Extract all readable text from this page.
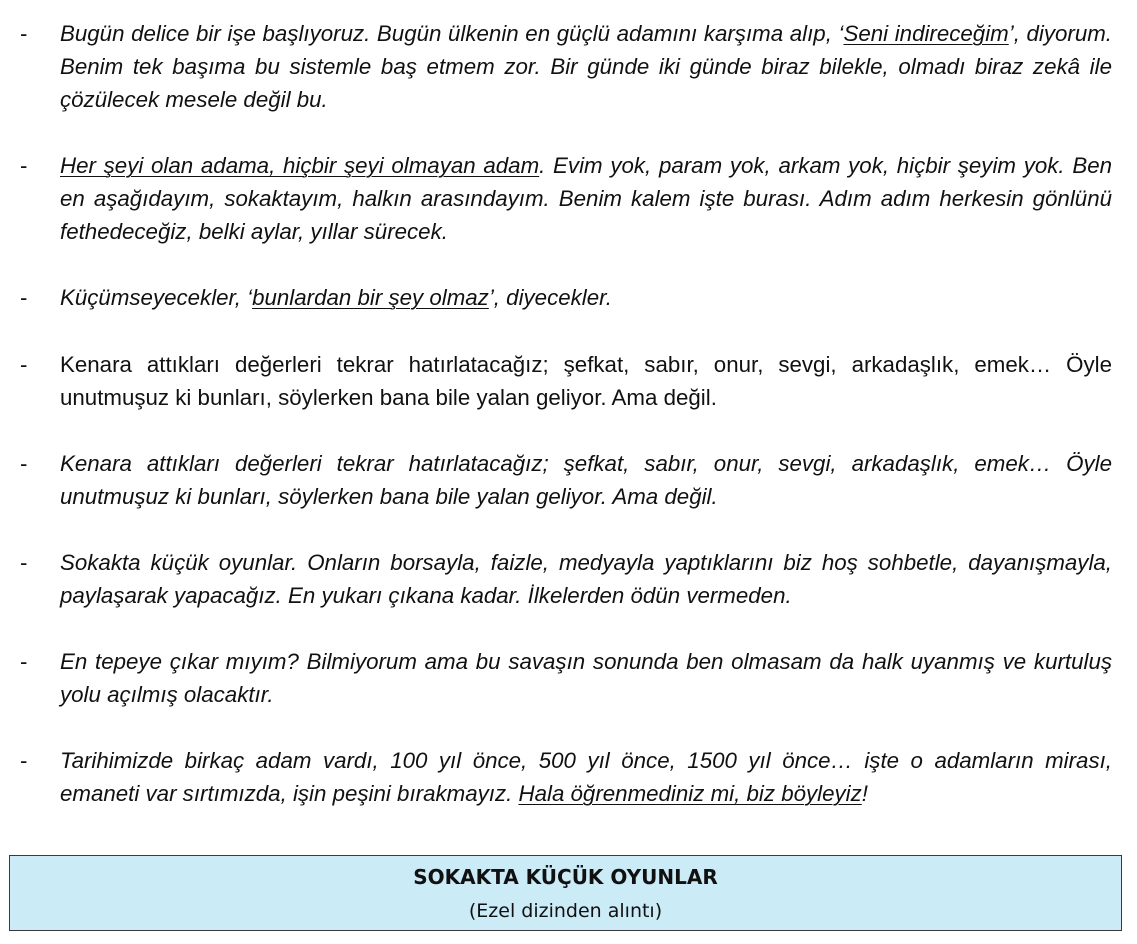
- Bugün delice bir işe başlıyoruz. Bugün ülkenin en güçlü adamını karşıma alıp, ‘Seni indireceğim’, diyorum. Benim tek başıma bu sistemle baş etmem zor. Bir günde iki günde biraz bilekle, olmadı biraz zekâ ile çözülecek mesele değil bu.
- Her şeyi olan adama, hiçbir şeyi olmayan adam. Evim yok, param yok, arkam yok, hiçbir şeyim yok. Ben en aşağıdayım, sokaktayım, halkın arasındayım. Benim kalem işte burası. Adım adım herkesin gönlünü fethedeceğiz, belki aylar, yıllar sürecek.
- Küçümseyecekler, ‘bunlardan bir şey olmaz’, diyecekler.
- Kenara attıkları değerleri tekrar hatırlatacağız; şefkat, sabır, onur, sevgi, arkadaşlık, emek… Öyle unutmuşuz ki bunları, söylerken bana bile yalan geliyor. Ama değil.
- Kenara attıkları değerleri tekrar hatırlatacağız; şefkat, sabır, onur, sevgi, arkadaşlık, emek… Öyle unutmuşuz ki bunları, söylerken bana bile yalan geliyor. Ama değil.
- Sokakta küçük oyunlar. Onların borsayla, faizle, medyayla yaptıklarını biz hoş sohbetle, dayanışmayla, paylaşarak yapacağız. En yukarı çıkana kadar. İlkelerden ödün vermeden.
- En tepeye çıkar mıyım? Bilmiyorum ama bu savaşın sonunda ben olmasam da halk uyanmış ve kurtuluş yolu açılmış olacaktır.
- Tarihimizde birkaç adam vardı, 100 yıl önce, 500 yıl önce, 1500 yıl önce… işte o adamların mirası, emaneti var sırtımızda, işin peşini bırakmayız. Hala öğrenmediniz mi, biz böyleyiz!
SOKAKTA KÜÇÜK OYUNLAR
(Ezel dizinden alıntı)
